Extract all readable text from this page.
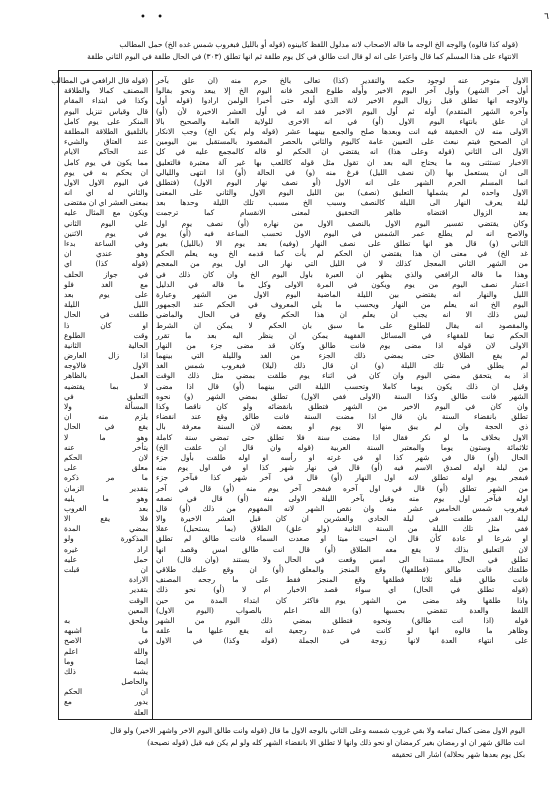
• •	٦
(قوله كذا قالوه) والوجه الخ الوجه ما قاله الاصحاب لانه مدلول اللفظ كابينوه (قوله أو بالليل فبغروب شمس غده الخ) حمل المطالب
الانتهاء على هذا المسلم كما قال واعترا على انه لو قال انت طالق في كل يوم طلقة ثم انها تطلق (٣٠٣) في الحال طلقة في اليوم الثاني طلقة
الاول متوخر عنه لوجود حكمه والتقدير (كذا) تعالى بالخ حرم منه (ان علق بآخر
أول آخر الشهر) وأول آخر اليوم الاخير وأوله طلوع الفجر فانه اليوم الخ إلا يبعد ونحو بقالوا
والاوجه انها تطلق قبل زوال اليوم الاخير لانه الذي أوله حتى أخبرا الولمن ارادوا (قوله أول
وآخره الشهر المتقدم) أوله ثم أول اليوم الاخير فقد انه في أول العشر الاخيرة لأن (أو)
ان علق بانتهاء اليوم الاول (أو) في انه الاخرى للولاية العامة والصحيح بالا
الاولى منه لان الحقيقة فيه انت وبعدها صلح والجمع بينهما عشر (قوله ولم يكن الخ) وجب الانكار
ان الصحيح فيتم نبعث على التعيين عامة كاليوم والثاني بالحصر المقصود بالمستقبل بين اليومين
الاول الى الثاني (قوله وعلى هذا) انه يقتضي ان الحكم لو قاله كالمجمع عليه في كل
الاخبار تستثنى وبه ما يحتاج اليه بعد ان تقول مثل قوله كاللعب بها غير آلة معتبرة فالتعليق
الى ان يستعمل بها (ان نصف الليل) فرغ منه (و) في الحالة (أو) اذا انتهى والليالي
انما المسلم الحرم الشهر على انه الاول (أو نصف نهار اليوم الاول) (فتطلق
الاول واحده لم يشملها التعليق (نصف) بين الليل اليوم الاول والثاني على المعنى
ليلة يعرف النهار الى الليلة كالنصف وسبب الخ مسبب تلك الليلة وحدها بعد
بعد الزوال اقتضاه ظاهر التحقيق لمعنى الانقسام كما ترجمت
وكان يقتضي تفسير اليوم الاول بالنصف الاول من نهاره (أو) نصف يوم اول
والاصح انه لم يطلع عمر الشمس في اليوم الاول تحسب الساعة فيه (أو) يوم
الثاني (و) قال هو انها تطلق على نصف النهار (وفيه) بعد يوم الا (بالليل) بغير
غد الخ) في معنى ان هذا يقتضي ان الحكم لم يأت كما قدمه الخ وبه يعلم الحكم
من الشهر الثاني المعجل كذلك لا في الليل التي نهار الى اول يوم من المعجم
وهذا ما قاله الرافعي والذي يظهر ان العبرة باول اليوم الخ وان كان ذلك في
اعتبار نصف اليوم من يوم ويكون في المرة الاولى وكل ما قاله في الدليل
الليل والنهار انه يقتضي بين الليلة الماضية اليوم الاول من الشهر وعبارة
اليوم الخ انه يعلم من النهار ويحسب ما يلي المعروف في الحكم عند الجمهور
ليس ذلك الا انه يجب ان يعلم ان هذا الحكم وقع في الحال والماضي
والمقصود انه يقال للطلوع على ما سبق بان الحكم لا يمكن ان الشرط
الحكم تبعا للفقهاء في المسائل الفقهية يمكن ان ينظر اليه بعد ما تقرر
الاولى لان قوله اذا مضى يوم فانت طالق وكان قد مضى جزء من النهار
لم يقع الطلاق حتى يمضي ذلك الجزء من الغد والليلة التي بينهما
لم يطلق في تلك الليلة (و) ان قال ذلك (ليلا) فبغروب شمس الغد
اذ به يتحقق مضي اليوم وان كان في اثناء يوم طلقت بمضي مثل ذلك الوقت
وقيل ان ذلك يكون يوما كاملا وتحسب الليلة التي بينهما (أو) قال اذا مضى
الشهر فانت طالق وكذا السنة (الاولى ففي الاول) تطلق بمضي الشهر (و) نحوه
وان كان في اليوم الاخير من الشهر فتطلق بانقضائه ولو كان ناقصا وكذا
تطلق بانقضاء السنة بان قال اذا مضت السنة فانت طالق وقع عند انقضاء
ذي الحجة وان لم يبق منها الا يوم او بعضه لان السنة معرفة بال
الاول بخلاف ما لو نكر فقال اذا مضت سنة فلا تطلق حتى تمضي سنة كاملة
ثلاثمائة وستون يوما والمعتبر السنة العربية (قوله وان قال ان علقت الخ)
الحال (أو) قال في شهر كذا او في غرته او رأسه او اوله طلقت بأول جزء
من ليلة اوله لصدق الاسم فيه (أو) قال في نهار شهر كذا او في اول يوم منه
فبفجر يوم اوله تطلق لانه اول النهار (أو) قال في آخر شهر كذا فبآخر جزء
من الشهر تطلق (أو) قال في اول آخره فبفجر آخر يوم منه (أو) قال في آخر
اوله فبآخر اول يوم منه وقيل بآخر الليلة الاولى منه (أو) قال في نصفه
فبغروب شمس الخامس عشر منه وان نقص الشهر لانه المفهوم من ذلك (أو) قال
ليلة القدر طلقت في ليلة الحادي والعشرين ان كان قبل العشر الاخيرة والا
ففي مثل تلك الليلة من السنة الثانية (ولو علق) الطلاق (بما يستحيل) عقلا
او شرعا او عادة كأن قال ان احييت ميتا او صعدت السماء فانت طالق لم تطلق
لان التعليق بذلك لا يقع معه الطلاق (أو) قال انت طالق امس وقصد انها
تطلق في الحال مستندا الى امس وقعت في الحال ولا يستند (وان قال) ان
طلقتك فانت طالق (فطلقها) وقع المنجز والمعلق (أو) ان وقع عليك طلاقي
فانت طالق قبله ثلاثا فطلقها وقع المنجز فقط على ما رجحه المصنف
(قوله تطلق في الحال) اي سواء قصد الاخبار ام لا (أو) نحو ذلك
واذا طلقها وقد مضى من الشهر يوم فاكثر كان ابتداء المدة من حين
اللفظ والعدة تنقضي بحسبها (و) الله اعلم بالصواب (اليوم الاول)
قوله (اذا انت طالق) ونحوه فتطلق بمضي ذلك اليوم من الشهر
وظاهر ما قالوه انها لو كانت في عدة رجعية انه يقع عليها ما علقه
على انتهاء العدة لانها زوجة في الجملة (قوله وكذا) في الاول
(قوله قال الرافعي في المطالب
المصنف كمالا والطلاقة
وكذا في ابتداء المقام
قال وقياس تنزيل اليوم
المنكر على يوم كامل
بالتلفيق الطلاقة المطلقة
عند العتاق والشيء
عند الحاكم الايام
مما يكون في يوم كامل
ان يحكم به في يوم
في اليوم الاول الاول
والثاني له اي انه
بمعنى العشر اي ان مقتضى
ويكون مع المثال عليه
علي اليوم الثاني
في يوم الاثنين
وفي الساعة بدءا
وهو عندي ان
(قوله كذا) اي
في جواز الحلف
مع الغد فلو
على يوم بعد
الليل الليلة
طلقت في الحال
او كان ذا
وقت الطلوع
الحالية الثانية
اذا زال العارض
الاول فالاوجه
العمل بالظاهر
لا بما يقتضيه
التعليق في
المسألة ولا
يلزم منه ان
يقع في الحال
وهو ما لا
يتأخر عنه
لان الحكم
معلق على
ما مر ذكره
بتقدير الزمان
وهو ما يليه
بعد الغروب
فلا يقع الا
بمضي المدة
المذكورة ولو
اراد غيره
حمل عليه
ان قبلت
الارادة
بتقدير
الوقت
المعين
ويلحق به
ما اشبهه
في الاصح
والله اعلم
ايضا وما
يشبه ذلك
والحاصل
ان الحكم
يدور مع
العلة
اليوم الاول مضى كمال تمامه ولا بقي غروب شمسه وعلى الثاني بالوجه الاول ما قال (قوله وانت طالق اليوم الاخر واشهر الاخير) ولو قال
انت طالق شهر ان او رمضان بغير كرمضان او نحو ذلك وانها لا تطلق الا بانقضاء الشهر كله ولو لم يكن فيه قيل (قوله نصيحة)
بكل يوم بعدها شهر بحلاله) اشار الى تحقيقه
